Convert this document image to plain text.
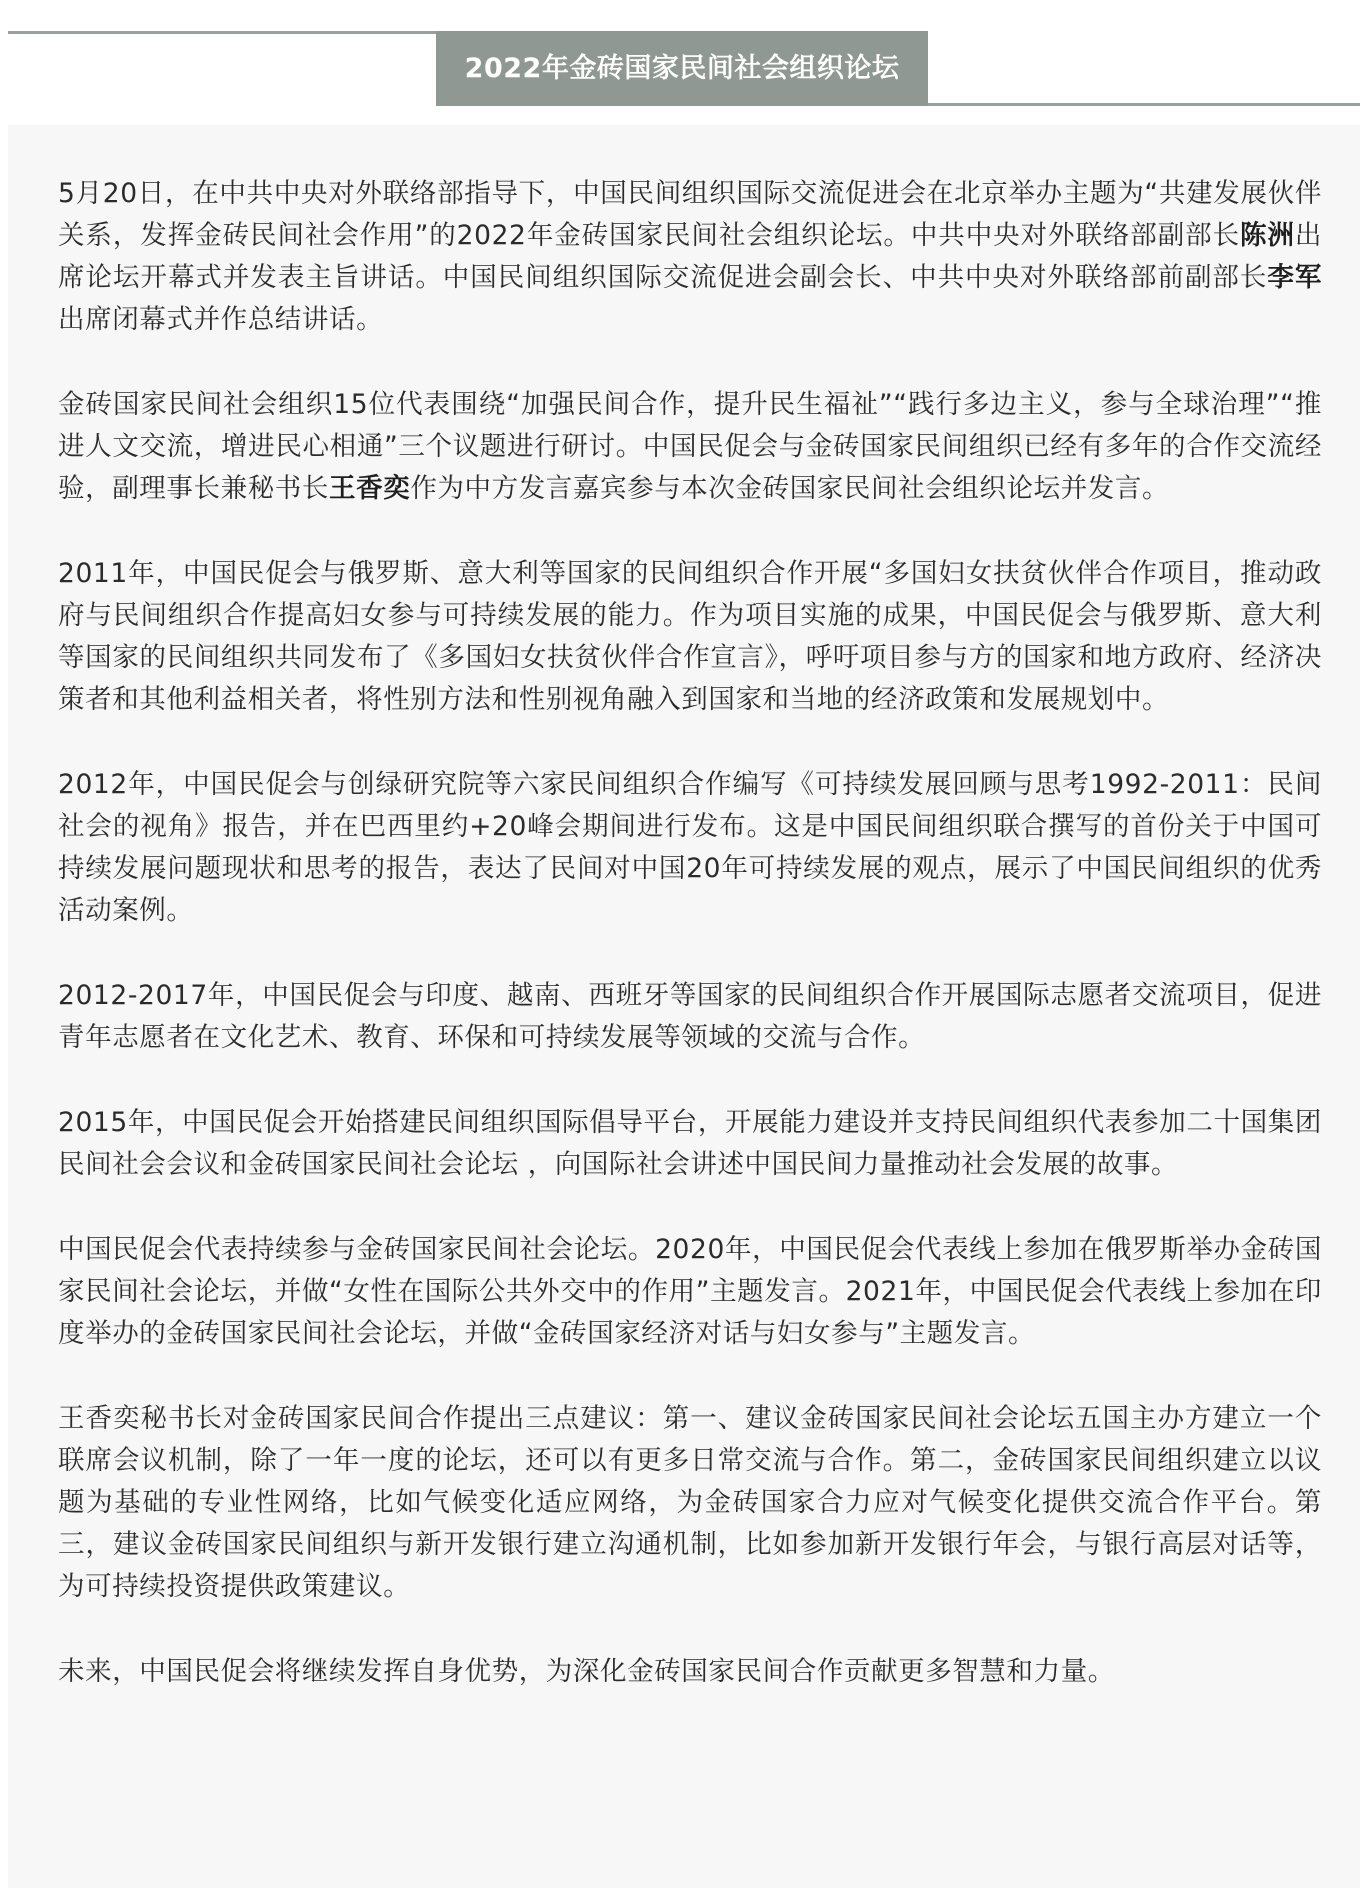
2022年金砖国家民间社会组织论坛

5月20日，在中共中央对外联络部指导下，中国民间组织国际交流促进会在北京举办主题为“共建发展伙伴关系，发挥金砖民间社会作用”的2022年金砖国家民间社会组织论坛。中共中央对外联络部副部长陈洲出席论坛开幕式并发表主旨讲话。中国民间组织国际交流促进会副会长、中共中央对外联络部前副部长李军出席闭幕式并作总结讲话。

金砖国家民间社会组织15位代表围绕“加强民间合作，提升民生福祉”“践行多边主义，参与全球治理”“推进人文交流，增进民心相通”三个议题进行研讨。中国民促会与金砖国家民间组织已经有多年的合作交流经验，副理事长兼秘书长王香奕作为中方发言嘉宾参与本次金砖国家民间社会组织论坛并发言。

2011年，中国民促会与俄罗斯、意大利等国家的民间组织合作开展“多国妇女扶贫伙伴合作项目，推动政府与民间组织合作提高妇女参与可持续发展的能力。作为项目实施的成果，中国民促会与俄罗斯、意大利等国家的民间组织共同发布了《多国妇女扶贫伙伴合作宣言》，呼吁项目参与方的国家和地方政府、经济决策者和其他利益相关者，将性别方法和性别视角融入到国家和当地的经济政策和发展规划中。

2012年，中国民促会与创绿研究院等六家民间组织合作编写《可持续发展回顾与思考1992-2011：民间社会的视角》报告，并在巴西里约+20峰会期间进行发布。这是中国民间组织联合撰写的首份关于中国可持续发展问题现状和思考的报告，表达了民间对中国20年可持续发展的观点，展示了中国民间组织的优秀活动案例。

2012-2017年，中国民促会与印度、越南、西班牙等国家的民间组织合作开展国际志愿者交流项目，促进青年志愿者在文化艺术、教育、环保和可持续发展等领域的交流与合作。

2015年，中国民促会开始搭建民间组织国际倡导平台，开展能力建设并支持民间组织代表参加二十国集团民间社会会议和金砖国家民间社会论坛 ，向国际社会讲述中国民间力量推动社会发展的故事。

中国民促会代表持续参与金砖国家民间社会论坛。2020年，中国民促会代表线上参加在俄罗斯举办金砖国家民间社会论坛，并做“女性在国际公共外交中的作用”主题发言。2021年，中国民促会代表线上参加在印度举办的金砖国家民间社会论坛，并做“金砖国家经济对话与妇女参与”主题发言。

王香奕秘书长对金砖国家民间合作提出三点建议：第一、建议金砖国家民间社会论坛五国主办方建立一个联席会议机制，除了一年一度的论坛，还可以有更多日常交流与合作。第二，金砖国家民间组织建立以议题为基础的专业性网络，比如气候变化适应网络，为金砖国家合力应对气候变化提供交流合作平台。第三，建议金砖国家民间组织与新开发银行建立沟通机制，比如参加新开发银行年会，与银行高层对话等，为可持续投资提供政策建议。

未来，中国民促会将继续发挥自身优势，为深化金砖国家民间合作贡献更多智慧和力量。
